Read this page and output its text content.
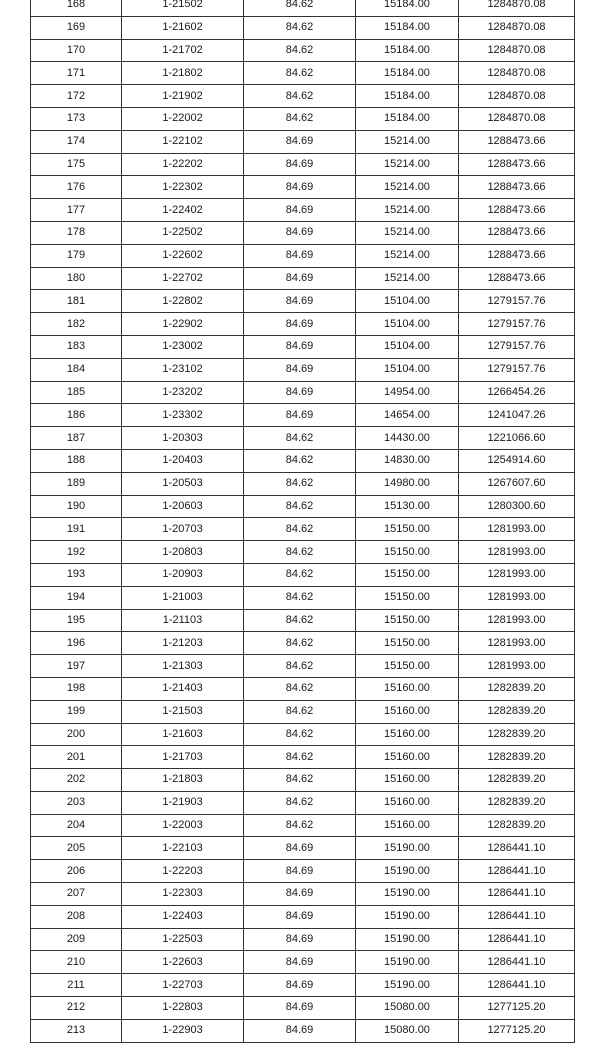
168	1-21502	84.62	15184.00	1284870.08
169	1-21602	84.62	15184.00	1284870.08
170	1-21702	84.62	15184.00	1284870.08
171	1-21802	84.62	15184.00	1284870.08
172	1-21902	84.62	15184.00	1284870.08
173	1-22002	84.62	15184.00	1284870.08
174	1-22102	84.69	15214.00	1288473.66
175	1-22202	84.69	15214.00	1288473.66
176	1-22302	84.69	15214.00	1288473.66
177	1-22402	84.69	15214.00	1288473.66
178	1-22502	84.69	15214.00	1288473.66
179	1-22602	84.69	15214.00	1288473.66
180	1-22702	84.69	15214.00	1288473.66
181	1-22802	84.69	15104.00	1279157.76
182	1-22902	84.69	15104.00	1279157.76
183	1-23002	84.69	15104.00	1279157.76
184	1-23102	84.69	15104.00	1279157.76
185	1-23202	84.69	14954.00	1266454.26
186	1-23302	84.69	14654.00	1241047.26
187	1-20303	84.62	14430.00	1221066.60
188	1-20403	84.62	14830.00	1254914.60
189	1-20503	84.62	14980.00	1267607.60
190	1-20603	84.62	15130.00	1280300.60
191	1-20703	84.62	15150.00	1281993.00
192	1-20803	84.62	15150.00	1281993.00
193	1-20903	84.62	15150.00	1281993.00
194	1-21003	84.62	15150.00	1281993.00
195	1-21103	84.62	15150.00	1281993.00
196	1-21203	84.62	15150.00	1281993.00
197	1-21303	84.62	15150.00	1281993.00
198	1-21403	84.62	15160.00	1282839.20
199	1-21503	84.62	15160.00	1282839.20
200	1-21603	84.62	15160.00	1282839.20
201	1-21703	84.62	15160.00	1282839.20
202	1-21803	84.62	15160.00	1282839.20
203	1-21903	84.62	15160.00	1282839.20
204	1-22003	84.62	15160.00	1282839.20
205	1-22103	84.69	15190.00	1286441.10
206	1-22203	84.69	15190.00	1286441.10
207	1-22303	84.69	15190.00	1286441.10
208	1-22403	84.69	15190.00	1286441.10
209	1-22503	84.69	15190.00	1286441.10
210	1-22603	84.69	15190.00	1286441.10
211	1-22703	84.69	15190.00	1286441.10
212	1-22803	84.69	15080.00	1277125.20
213	1-22903	84.69	15080.00	1277125.20
